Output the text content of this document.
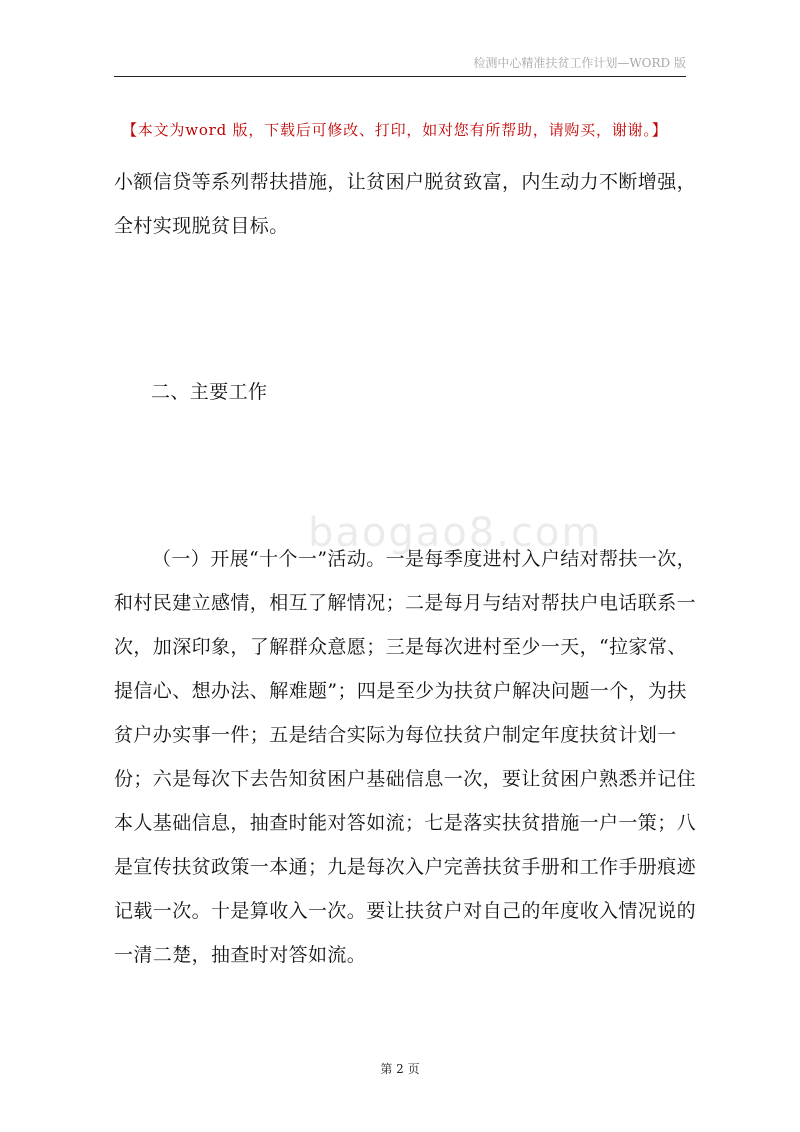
检测中心精准扶贫工作计划—WORD 版
【本文为word 版，下载后可修改、打印，如对您有所帮助，请购买，谢谢。】
小额信贷等系列帮扶措施，让贫困户脱贫致富，内生动力不断增强，
全村实现脱贫目标。
二、主要工作
baogao8.com
（一）开展“十个一”活动。一是每季度进村入户结对帮扶一次，
和村民建立感情，相互了解情况；二是每月与结对帮扶户电话联系一
次，加深印象，了解群众意愿；三是每次进村至少一天，“拉家常、
提信心、想办法、解难题”；四是至少为扶贫户解决问题一个，为扶
贫户办实事一件；五是结合实际为每位扶贫户制定年度扶贫计划一
份；六是每次下去告知贫困户基础信息一次，要让贫困户熟悉并记住
本人基础信息，抽查时能对答如流；七是落实扶贫措施一户一策；八
是宣传扶贫政策一本通；九是每次入户完善扶贫手册和工作手册痕迹
记载一次。十是算收入一次。要让扶贫户对自己的年度收入情况说的
一清二楚，抽查时对答如流。
第 2 页
